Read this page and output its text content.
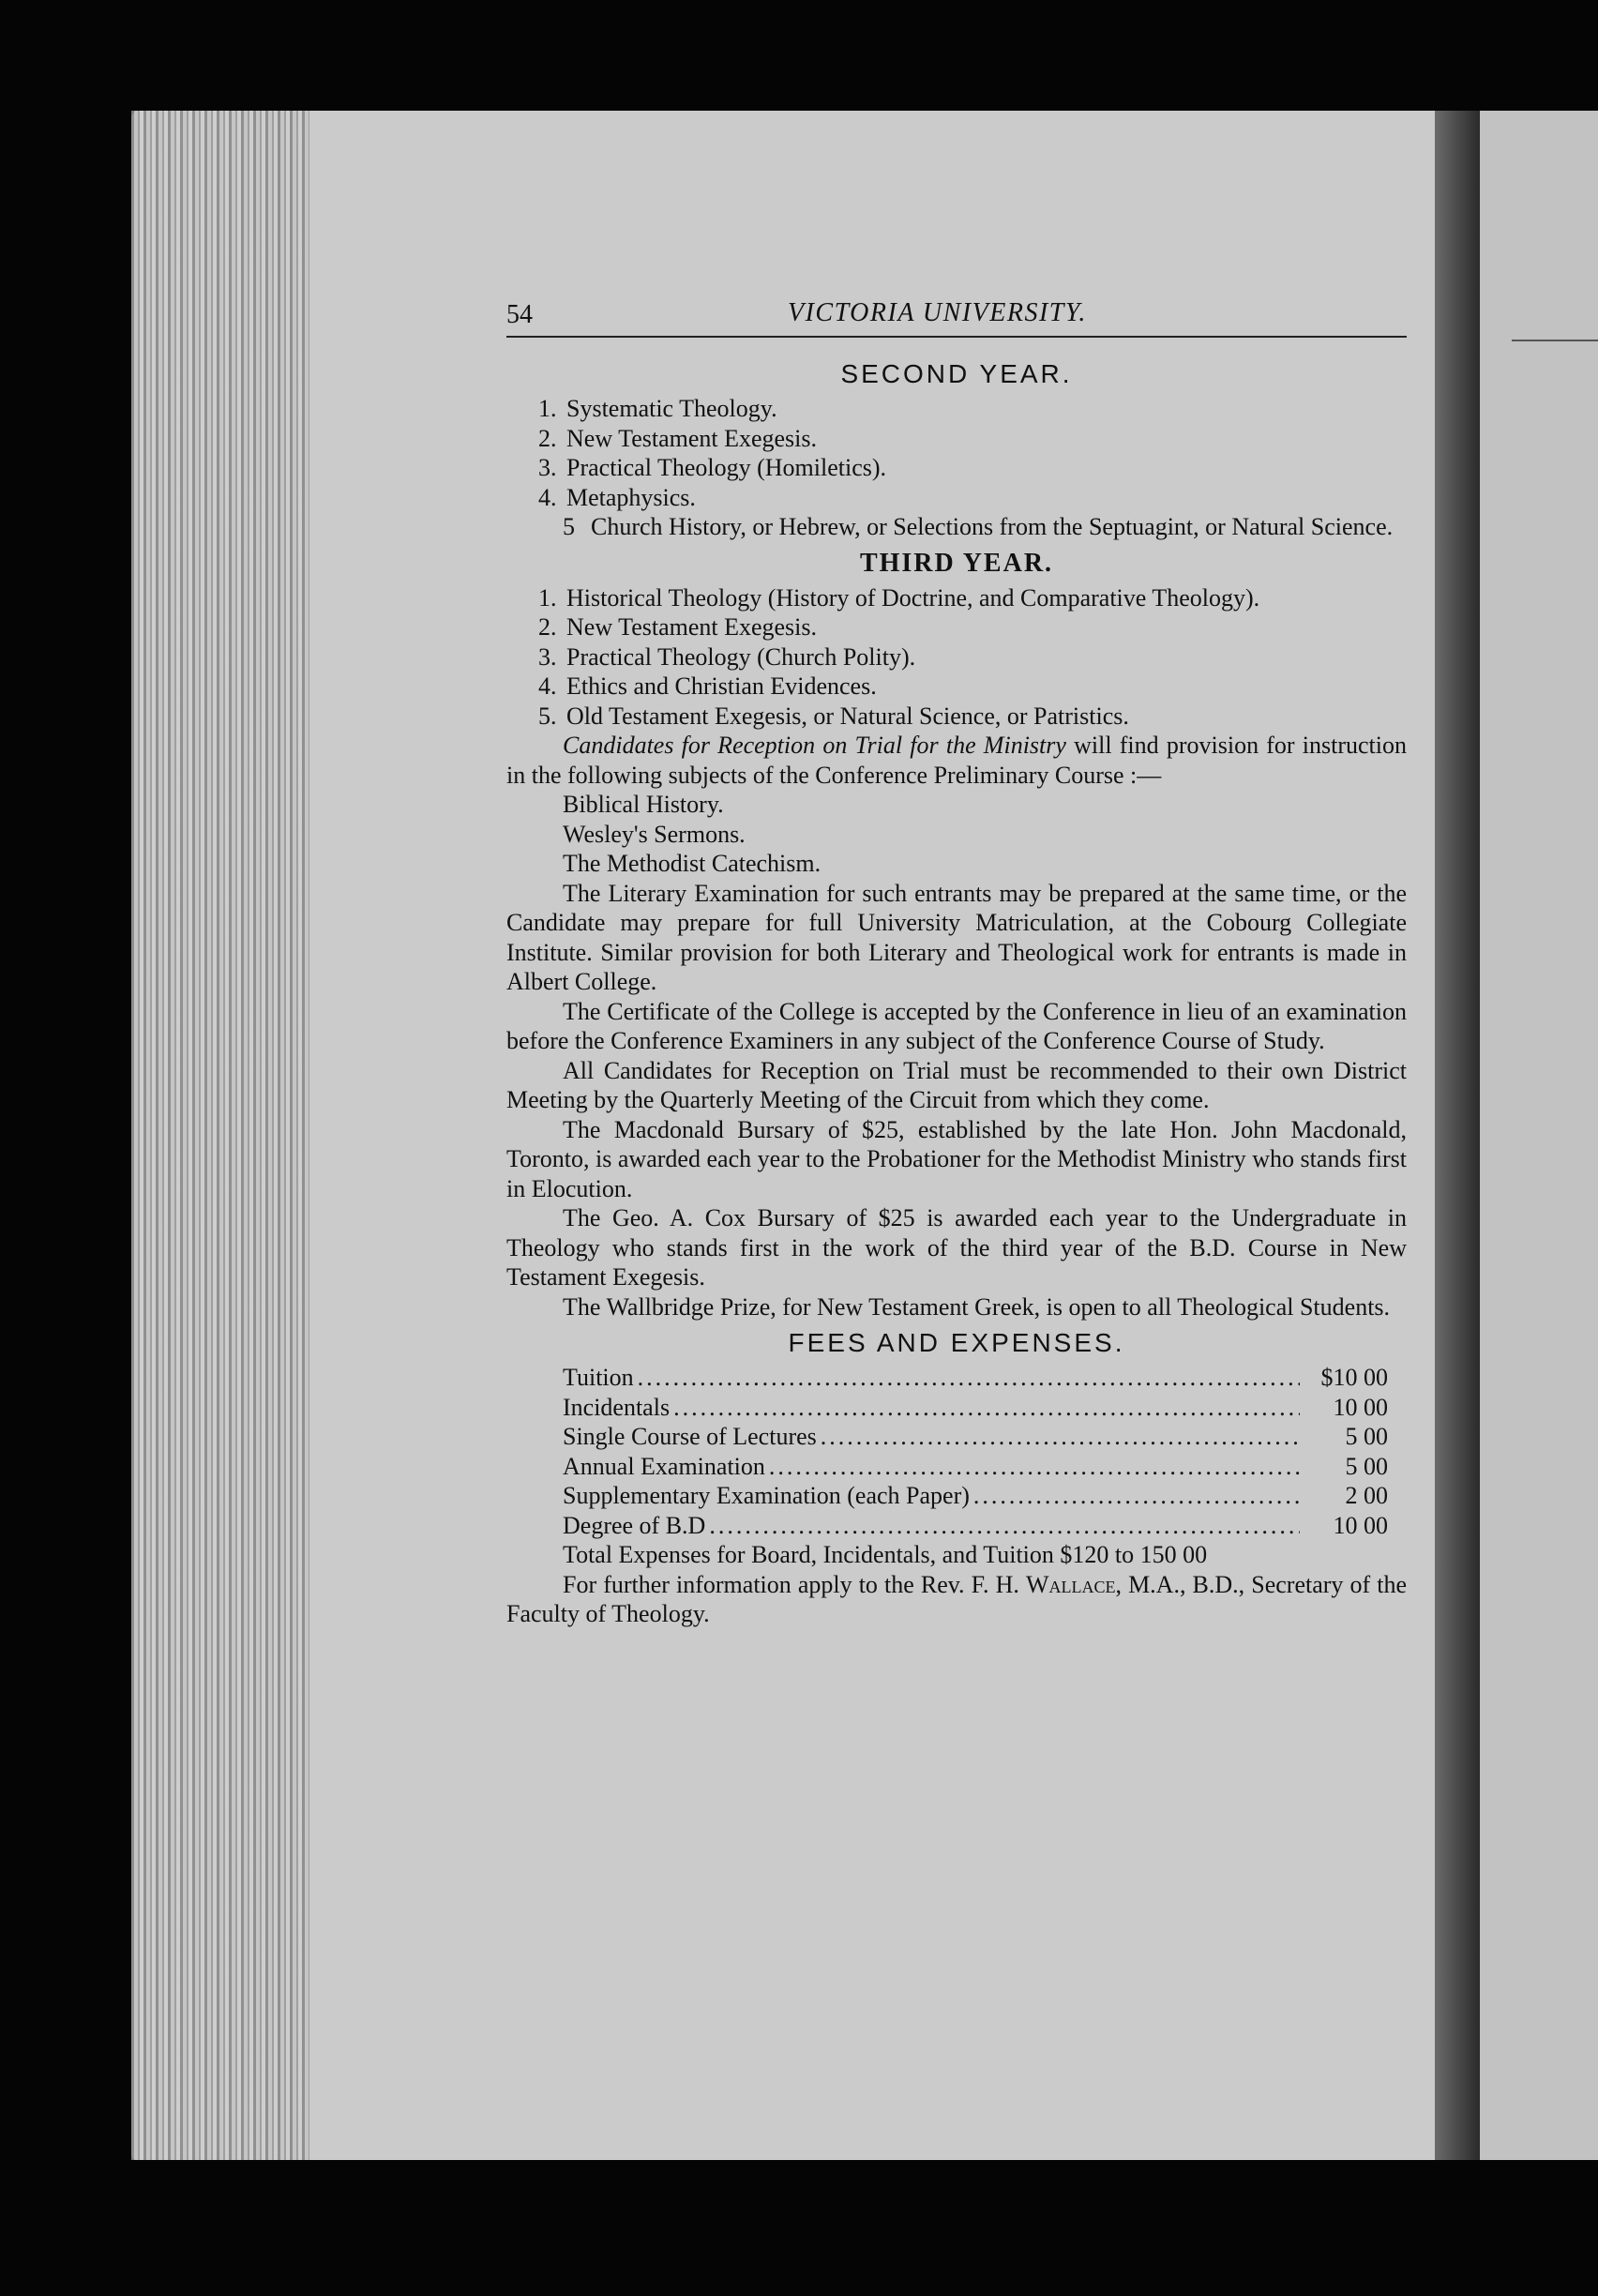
54	VICTORIA UNIVERSITY.
SECOND YEAR.
1. Systematic Theology.
2. New Testament Exegesis.
3. Practical Theology (Homiletics).
4. Metaphysics.
5 Church History, or Hebrew, or Selections from the Septuagint, or Natural Science.
THIRD YEAR.
1. Historical Theology (History of Doctrine, and Comparative Theology).
2. New Testament Exegesis.
3. Practical Theology (Church Polity).
4. Ethics and Christian Evidences.
5. Old Testament Exegesis, or Natural Science, or Patristics.

Candidates for Reception on Trial for the Ministry will find provision for instruction in the following subjects of the Conference Preliminary Course :—

Biblical History.
Wesley's Sermons.
The Methodist Catechism.

The Literary Examination for such entrants may be prepared at the same time, or the Candidate may prepare for full University Matriculation, at the Cobourg Collegiate Institute. Similar provision for both Literary and Theological work for entrants is made in Albert College.

The Certificate of the College is accepted by the Conference in lieu of an examination before the Conference Examiners in any subject of the Conference Course of Study.

All Candidates for Reception on Trial must be recommended to their own District Meeting by the Quarterly Meeting of the Circuit from which they come.

The Macdonald Bursary of $25, established by the late Hon. John Macdonald, Toronto, is awarded each year to the Probationer for the Methodist Ministry who stands first in Elocution.

The Geo. A. Cox Bursary of $25 is awarded each year to the Undergraduate in Theology who stands first in the work of the third year of the B.D. Course in New Testament Exegesis.

The Wallbridge Prize, for New Testament Greek, is open to all Theological Students.

FEES AND EXPENSES.
Tuition .....	$10 00
Incidentals .....	10 00
Single Course of Lectures .....	5 00
Annual Examination .....	5 00
Supplementary Examination (each Paper) .....	2 00
Degree of B.D .....	10 00
Total Expenses for Board, Incidentals, and Tuition $120 to 150 00

For further information apply to the Rev. F. H. Wallace, M.A., B.D., Secretary of the Faculty of Theology.
